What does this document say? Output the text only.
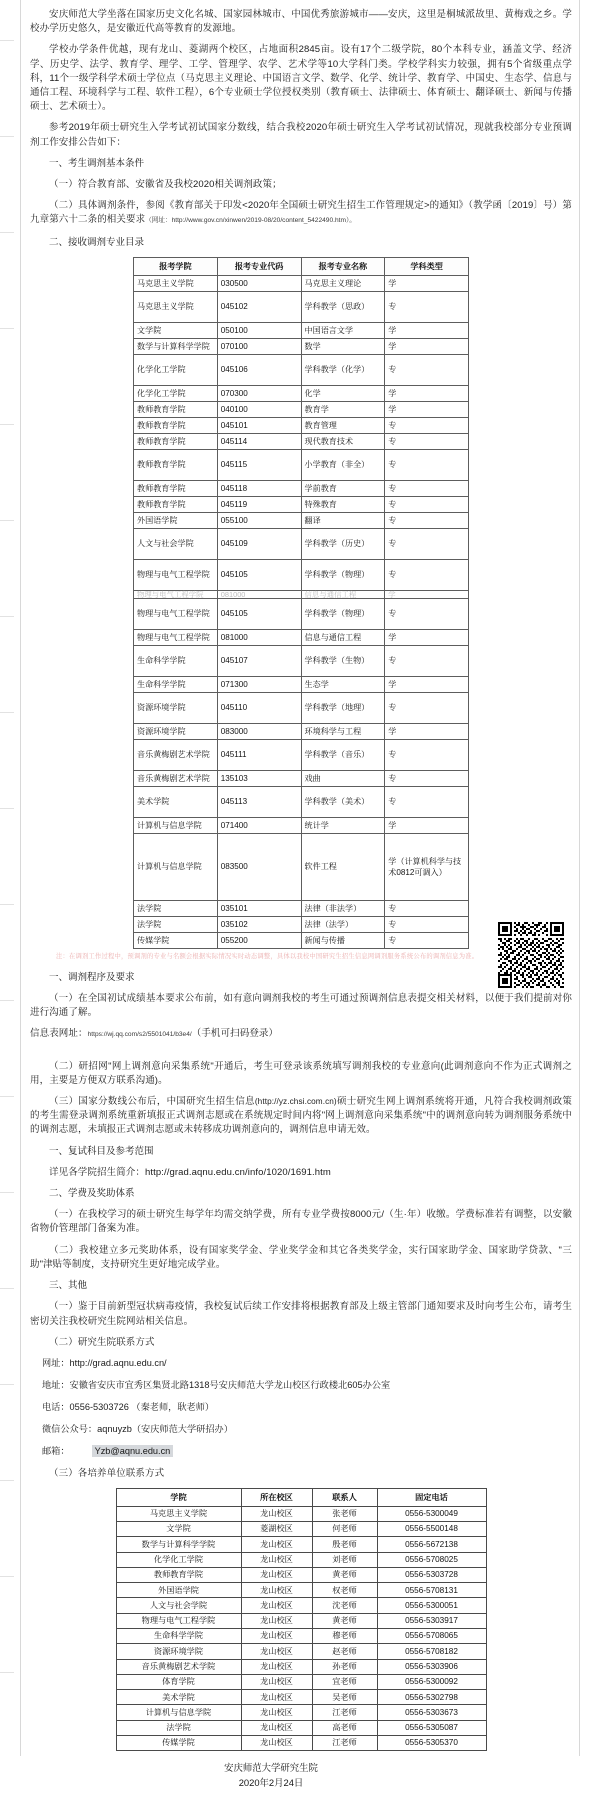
安庆师范大学坐落在国家历史文化名城、国家园林城市、中国优秀旅游城市——安庆，这里是桐城派故里、黄梅戏之乡。学校办学历史悠久，是安徽近代高等教育的发源地。

学校办学条件优越，现有龙山、菱湖两个校区，占地面积2845亩。设有17个二级学院，80个本科专业，涵盖文学、经济学、历史学、法学、教育学、理学、工学、管理学、农学、艺术学等10大学科门类。学校学科实力较强，拥有5个省级重点学科，11个一级学科学术硕士学位点（马克思主义理论、中国语言文学、数学、化学、统计学、教育学、中国史、生态学、信息与通信工程、环境科学与工程、软件工程），6个专业硕士学位授权类别（教育硕士、法律硕士、体育硕士、翻译硕士、新闻与传播硕士、艺术硕士）。

参考2019年硕士研究生入学考试初试国家分数线，结合我校2020年硕士研究生入学考试初试情况，现就我校部分专业预调剂工作安排公告如下：

一、考生调剂基本条件

（一）符合教育部、安徽省及我校2020相关调剂政策；

（二）具体调剂条件，参阅《教育部关于印发<2020年全国硕士研究生招生工作管理规定>的通知》（教学函〔2019〕号）第九章第六十二条的相关要求（网址：http://www.gov.cn/xinwen/2019-08/20/content_5422490.htm）。

二、接收调剂专业目录

报考学院	报考专业代码	报考专业名称	学科类型
马克思主义学院	030500	马克思主义理论	学
马克思主义学院	045102	学科教学（思政）	专
文学院	050100	中国语言文学	学
数学与计算科学学院	070100	数学	学
化学化工学院	045106	学科教学（化学）	专
化学化工学院	070300	化学	学
教师教育学院	040100	教育学	学
教师教育学院	045101	教育管理	专
教师教育学院	045114	现代教育技术	专
教师教育学院	045115	小学教育（非全）	专
教师教育学院	045118	学前教育	专
教师教育学院	045119	特殊教育	专
外国语学院	055100	翻译	专
人文与社会学院	045109	学科教学（历史）	专
物理与电气工程学院	045105	学科教学（物理）	专
物理与电气工程学院	081000	信息与通信工程	学
物理与电气工程学院	045105	学科教学（物理）	专
物理与电气工程学院	081000	信息与通信工程	学
生命科学学院	045107	学科教学（生物）	专
生命科学学院	071300	生态学	学
资源环境学院	045110	学科教学（地理）	专
资源环境学院	083000	环境科学与工程	学
音乐黄梅剧艺术学院	045111	学科教学（音乐）	专
音乐黄梅剧艺术学院	135103	戏曲	专
美术学院	045113	学科教学（美术）	专
计算机与信息学院	071400	统计学	学
计算机与信息学院	083500	软件工程	学（计算机科学与技术0812可调入）
法学院	035101	法律（非法学）	专
法学院	035102	法律（法学）	专
传媒学院	055200	新闻与传播	专

注：在调剂工作过程中，预调剂的专业与名额会根据实际情况实时动态调整，具体以我校中国研究生招生信息网调剂服务系统公布的调剂信息为准。

一、调剂程序及要求

（一）在全国初试成绩基本要求公布前，如有意向调剂我校的考生可通过预调剂信息表提交相关材料，以便于我们提前对你进行沟通了解。

信息表网址：https://wj.qq.com/s2/5501041/b3e4/（手机可扫码登录）

（二）研招网"网上调剂意向采集系统"开通后，考生可登录该系统填写调剂我校的专业意向(此调剂意向不作为正式调剂之用，主要是方便双方联系沟通)。

（三）国家分数线公布后，中国研究生招生信息(http://yz.chsi.com.cn)硕士研究生网上调剂系统将开通，凡符合我校调剂政策的考生需登录调剂系统重新填报正式调剂志愿或在系统规定时间内将"网上调剂意向采集系统"中的调剂意向转为调剂服务系统中的调剂志愿，未填报正式调剂志愿或未转移成功调剂意向的，调剂信息申请无效。

一、复试科目及参考范围

详见各学院招生简介：http://grad.aqnu.edu.cn/info/1020/1691.htm

二、学费及奖助体系

（一）在我校学习的硕士研究生每学年均需交纳学费，所有专业学费按8000元/（生·年）收缴。学费标准若有调整，以安徽省物价管理部门备案为准。

（二）我校建立多元奖助体系，设有国家奖学金、学业奖学金和其它各类奖学金，实行国家助学金、国家助学贷款、"三助"津贴等制度，支持研究生更好地完成学业。

三、其他

（一）鉴于目前新型冠状病毒疫情，我校复试后续工作安排将根据教育部及上级主管部门通知要求及时向考生公布，请考生密切关注我校研究生院网站相关信息。

（二）研究生院联系方式

网址：http://grad.aqnu.edu.cn/

地址：安徽省安庆市宜秀区集贤北路1318号安庆师范大学龙山校区行政楼北605办公室

电话：0556-5303726 （秦老师，耿老师）

微信公众号：aqnuyzb（安庆师范大学研招办）

邮箱：	Yzb@aqnu.edu.cn

（三）各培养单位联系方式

学院	所在校区	联系人	固定电话
马克思主义学院	龙山校区	张老师	0556-5300049
文学院	菱湖校区	何老师	0556-5500148
数学与计算科学学院	龙山校区	殷老师	0556-5672138
化学化工学院	龙山校区	刘老师	0556-5708025
教师教育学院	龙山校区	黄老师	0556-5303728
外国语学院	龙山校区	权老师	0556-5708131
人文与社会学院	龙山校区	沈老师	0556-5300051
物理与电气工程学院	龙山校区	黄老师	0556-5303917
生命科学学院	龙山校区	穆老师	0556-5708065
资源环境学院	龙山校区	赵老师	0556-5708182
音乐黄梅剧艺术学院	龙山校区	孙老师	0556-5303906
体育学院	龙山校区	宜老师	0556-5300092
美术学院	龙山校区	吴老师	0556-5302798
计算机与信息学院	龙山校区	江老师	0556-5303673
法学院	龙山校区	高老师	0556-5305087
传媒学院	龙山校区	江老师	0556-5305370
安庆师范大学研究生院
2020年2月24日
